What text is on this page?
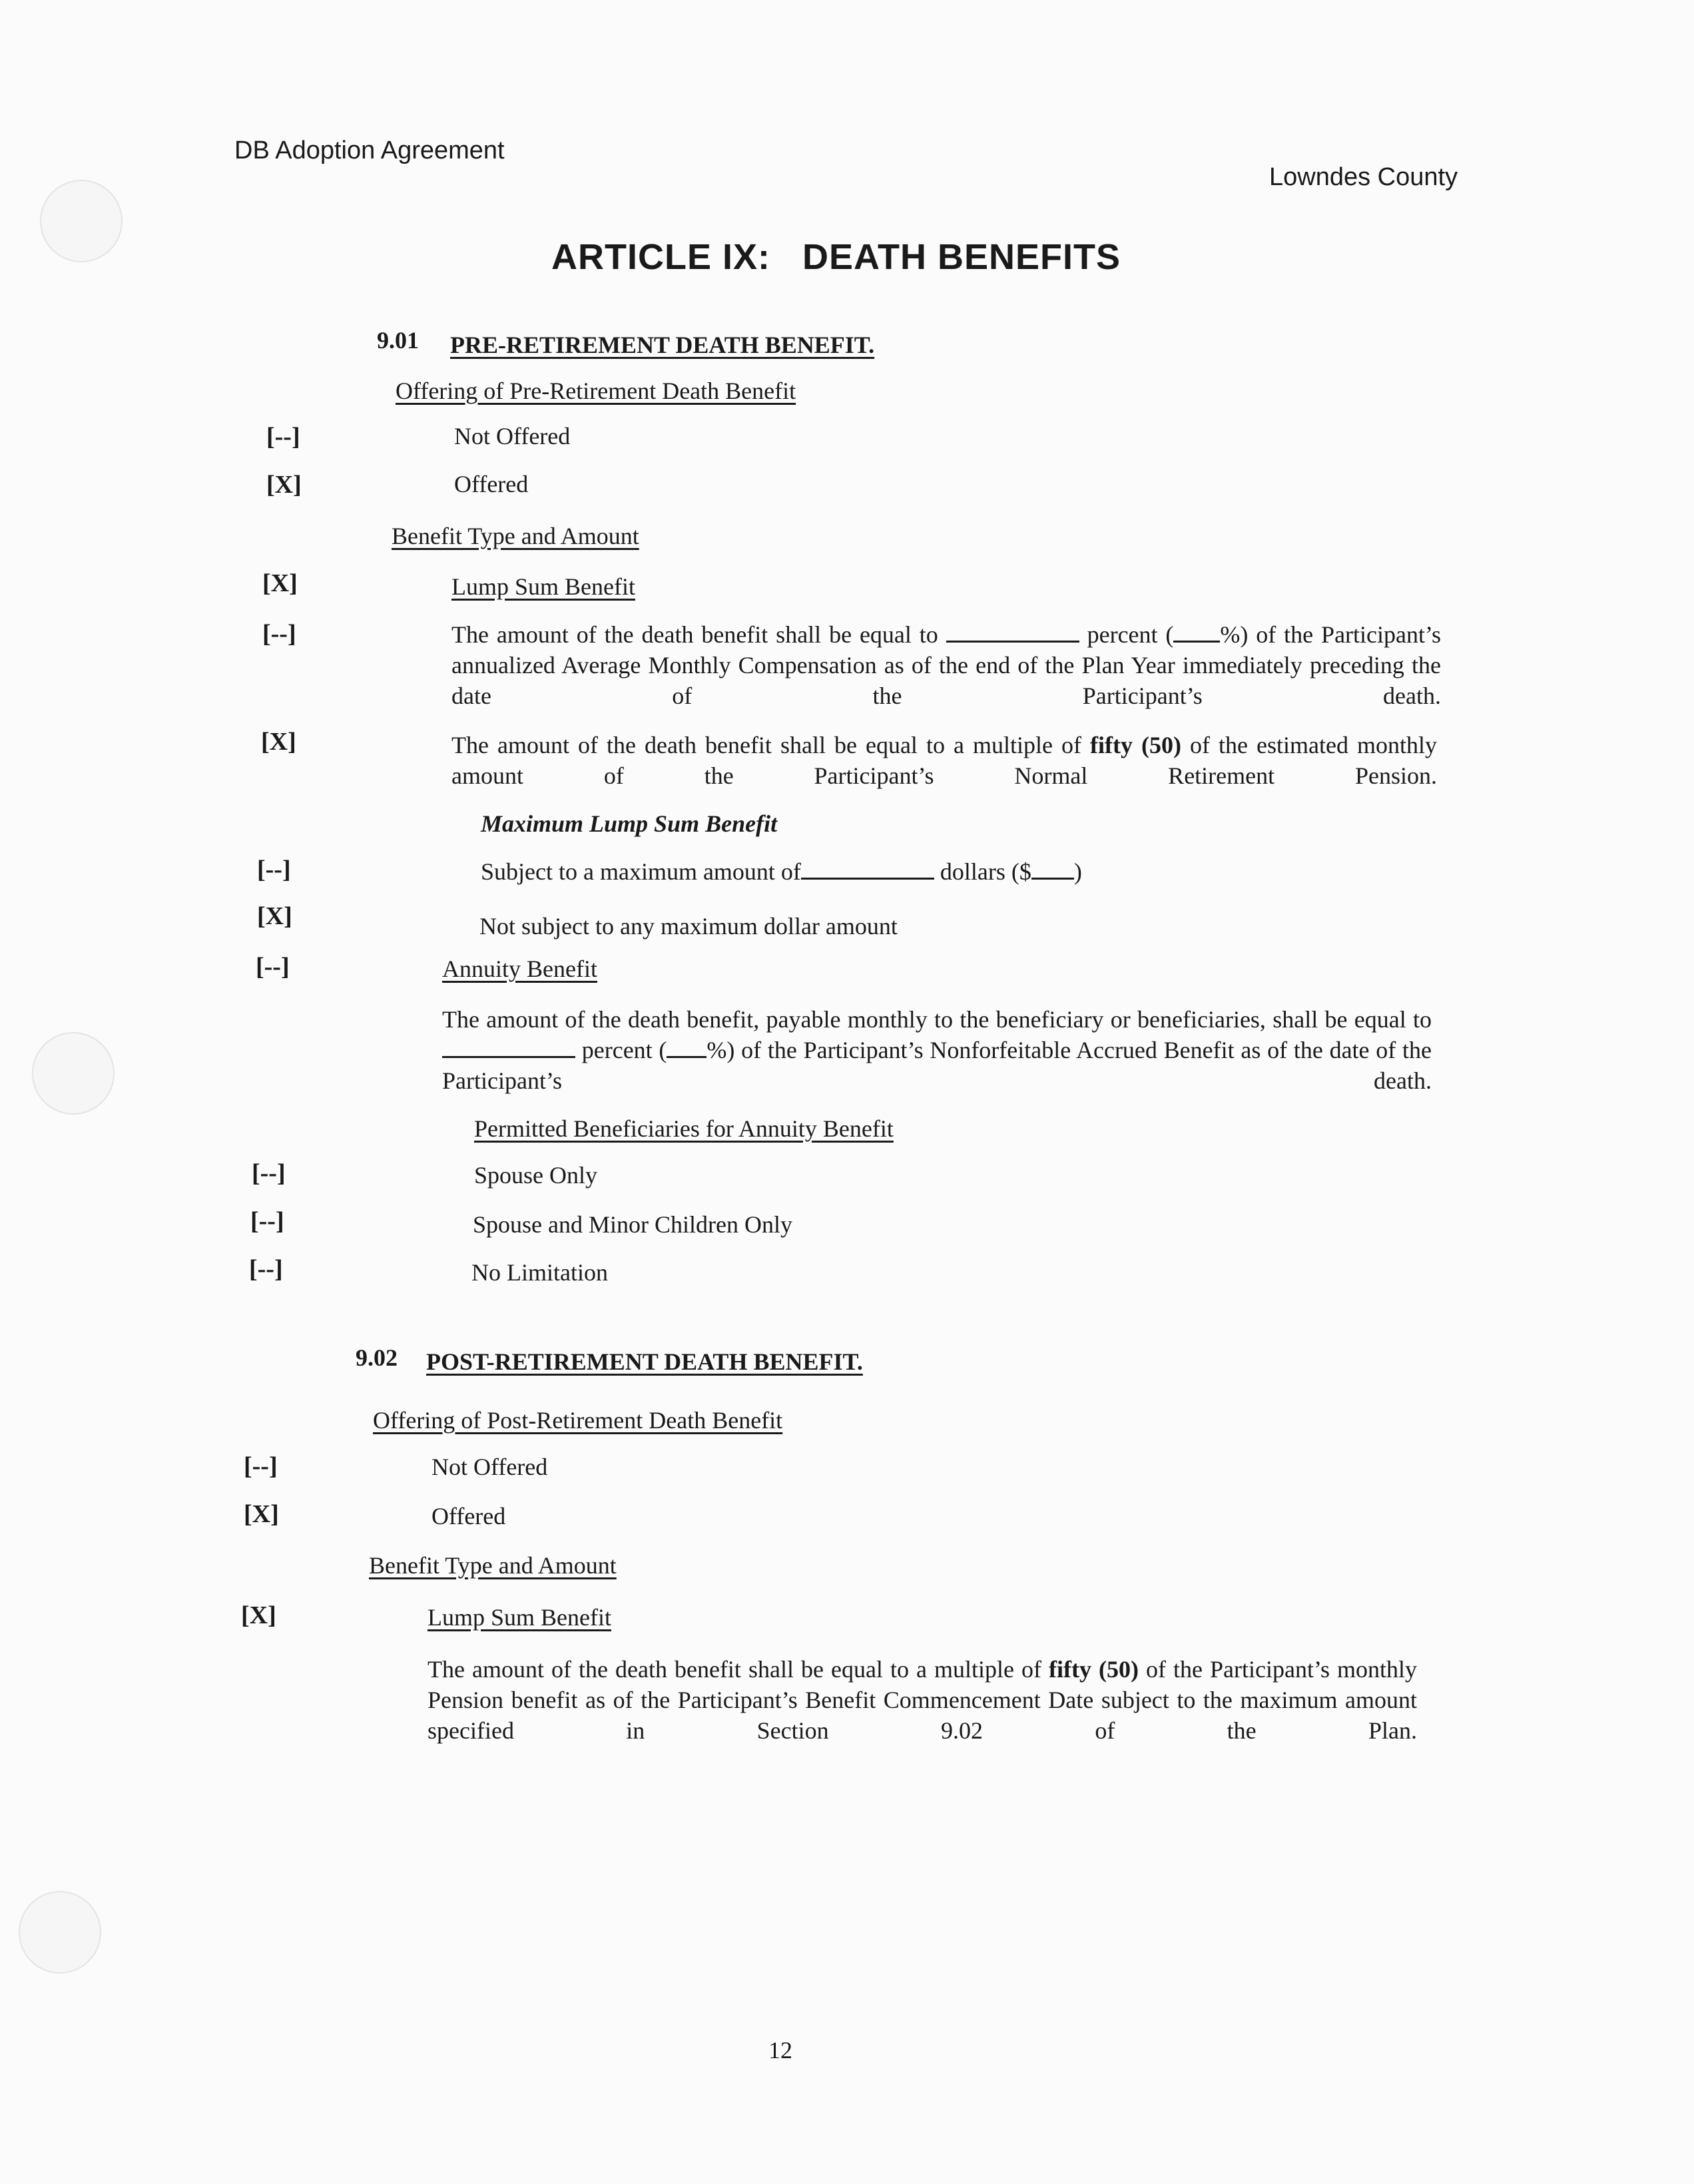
DB Adoption Agreement
Lowndes County
ARTICLE IX:   DEATH BENEFITS
9.01 PRE-RETIREMENT DEATH BENEFIT.
Offering of Pre-Retirement Death Benefit
[--]	Not Offered
[X]	Offered
Benefit Type and Amount
[X]	Lump Sum Benefit
[--]	The amount of the death benefit shall be equal to	percent ( %) of the Participant’s annualized Average Monthly Compensation as of the end of the Plan Year immediately preceding the date of the Participant’s death.
[X]	The amount of the death benefit shall be equal to a multiple of fifty (50) of the estimated monthly amount of the Participant’s Normal Retirement Pension.
Maximum Lump Sum Benefit
[--]	Subject to a maximum amount of	dollars ($ )
[X]	Not subject to any maximum dollar amount
[--]	Annuity Benefit
The amount of the death benefit, payable monthly to the beneficiary or beneficiaries, shall be equal to  percent ( %) of the Participant’s Nonforfeitable Accrued Benefit as of the date of the Participant’s death.
Permitted Beneficiaries for Annuity Benefit
[--]	Spouse Only
[--]	Spouse and Minor Children Only
[--]	No Limitation
9.02 POST-RETIREMENT DEATH BENEFIT.
Offering of Post-Retirement Death Benefit
[--]	Not Offered
[X]	Offered
Benefit Type and Amount
[X]	Lump Sum Benefit
The amount of the death benefit shall be equal to a multiple of fifty (50) of the Participant’s monthly Pension benefit as of the Participant’s Benefit Commencement Date subject to the maximum amount specified in Section 9.02 of the Plan.
12
